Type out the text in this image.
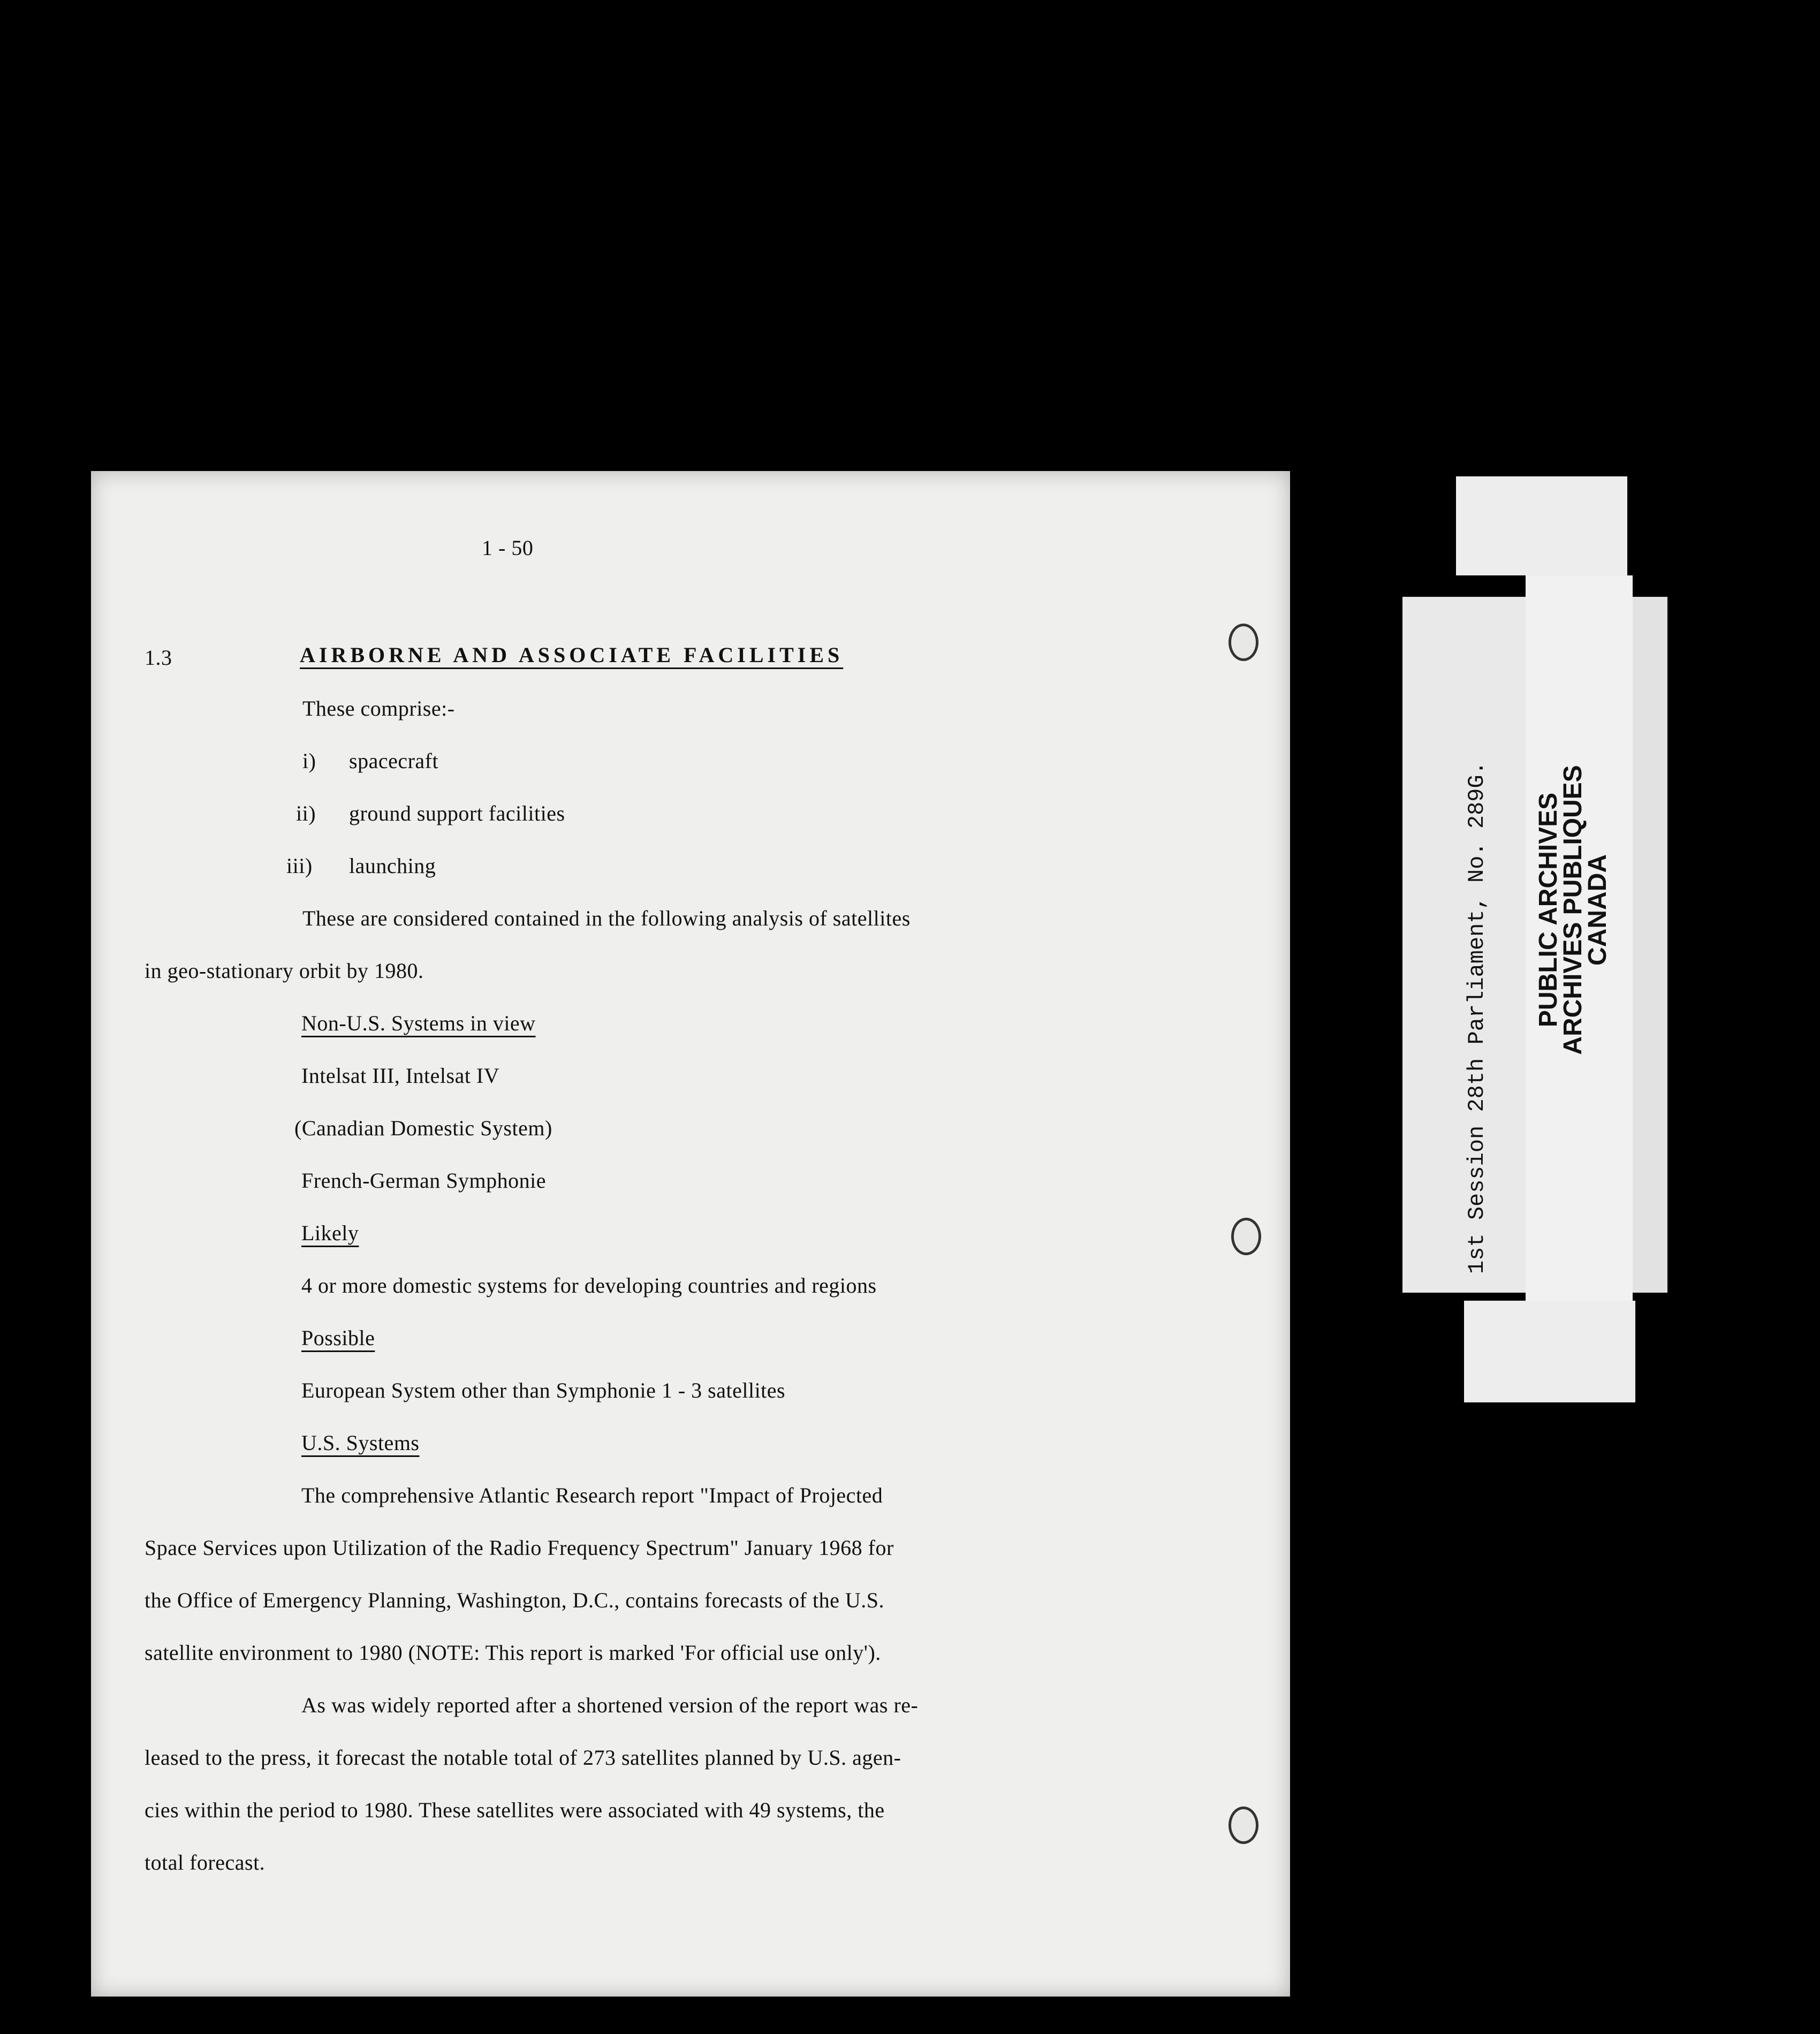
1 - 50
1.3	AIRBORNE AND ASSOCIATE FACILITIES
These comprise:-
i) spacecraft
ii) ground support facilities
iii) launching
These are considered contained in the following analysis of satellites
in geo-stationary orbit by 1980.
Non-U.S. Systems in view
Intelsat III, Intelsat IV
(Canadian Domestic System)
French-German Symphonie
Likely
4 or more domestic systems for developing countries and regions
Possible
European System other than Symphonie 1 - 3 satellites
U.S. Systems
The comprehensive Atlantic Research report "Impact of Projected
Space Services upon Utilization of the Radio Frequency Spectrum" January 1968 for
the Office of Emergency Planning, Washington, D.C., contains forecasts of the U.S.
satellite environment to 1980 (NOTE: This report is marked 'For official use only').
As was widely reported after a shortened version of the report was re-
leased to the press, it forecast the notable total of 273 satellites planned by U.S. agen-
cies within the period to 1980. These satellites were associated with 49 systems, the
total forecast.
1st Session 28th Parliament, No. 289G. PUBLIC ARCHIVES
ARCHIVES PUBLIQUES
CANADA
